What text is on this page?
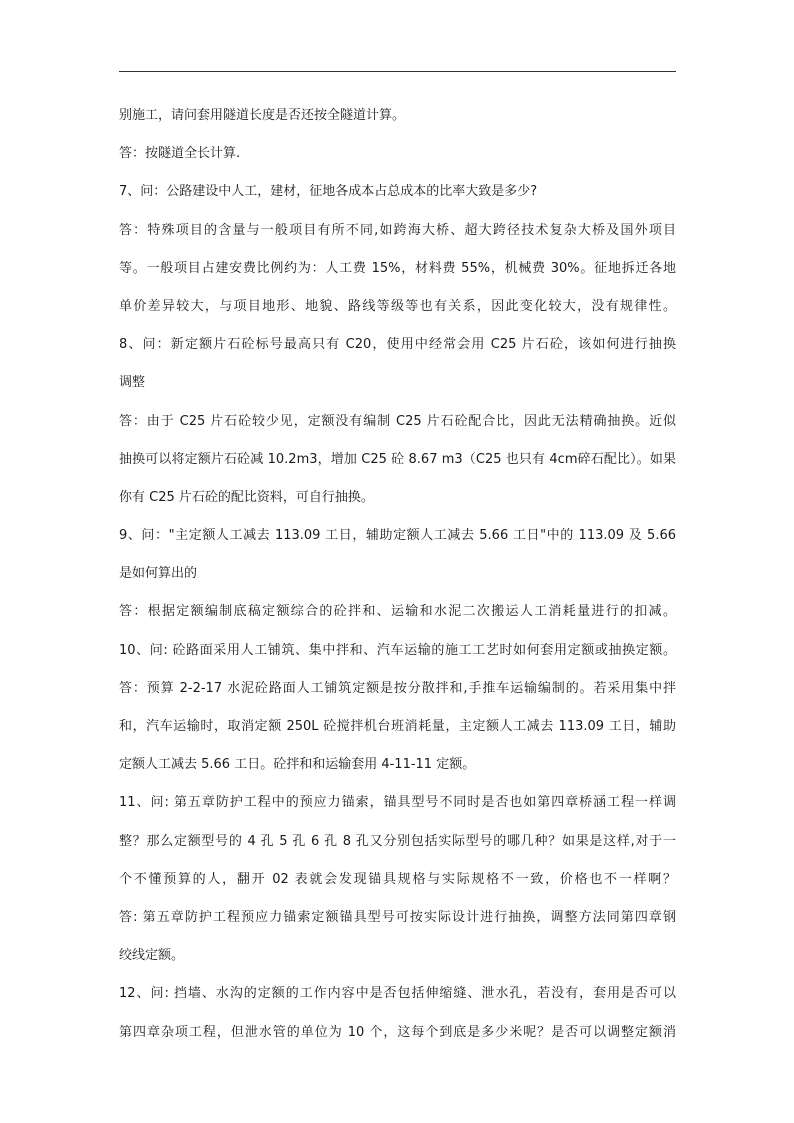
别施工，请问套用隧道长度是否还按全隧道计算。
答：按隧道全长计算.
7、问：公路建设中人工，建材，征地各成本占总成本的比率大致是多少?
答：特殊项目的含量与一般项目有所不同,如跨海大桥、超大跨径技术复杂大桥及国外项目
等。一般项目占建安费比例约为：人工费 15%，材料费 55%，机械费 30%。征地拆迁各地
单价差异较大，与项目地形、地貌、路线等级等也有关系，因此变化较大，没有规律性。
8、问：新定额片石砼标号最高只有 C20，使用中经常会用 C25 片石砼，该如何进行抽换
调整
答：由于 C25 片石砼较少见，定额没有编制 C25 片石砼配合比，因此无法精确抽换。近似
抽换可以将定额片石砼减 10.2m3，增加 C25 砼 8.67 m3（C25 也只有 4cm碎石配比）。如果
你有 C25 片石砼的配比资料，可自行抽换。
9、问："主定额人工减去 113.09 工日，辅助定额人工减去 5.66 工日"中的 113.09 及 5.66
是如何算出的
答：根据定额编制底稿定额综合的砼拌和、运输和水泥二次搬运人工消耗量进行的扣减。
10、问: 砼路面采用人工铺筑、集中拌和、汽车运输的施工工艺时如何套用定额或抽换定额。
答：预算 2-2-17 水泥砼路面人工铺筑定额是按分散拌和,手推车运输编制的。若采用集中拌
和，汽车运输时，取消定额 250L 砼搅拌机台班消耗量，主定额人工减去 113.09 工日，辅助
定额人工减去 5.66 工日。砼拌和和运输套用 4-11-11 定额。
11、问: 第五章防护工程中的预应力锚索，锚具型号不同时是否也如第四章桥涵工程一样调
整？那么定额型号的 4 孔 5 孔 6 孔 8 孔又分别包括实际型号的哪几种？如果是这样,对于一
个不懂预算的人，翻开 02 表就会发现锚具规格与实际规格不一致，价格也不一样啊？
答: 第五章防护工程预应力锚索定额锚具型号可按实际设计进行抽换，调整方法同第四章钢
绞线定额。
12、问: 挡墙、水沟的定额的工作内容中是否包括伸缩缝、泄水孔，若没有，套用是否可以
第四章杂项工程，但泄水管的单位为 10 个，这每个到底是多少米呢？是否可以调整定额消
